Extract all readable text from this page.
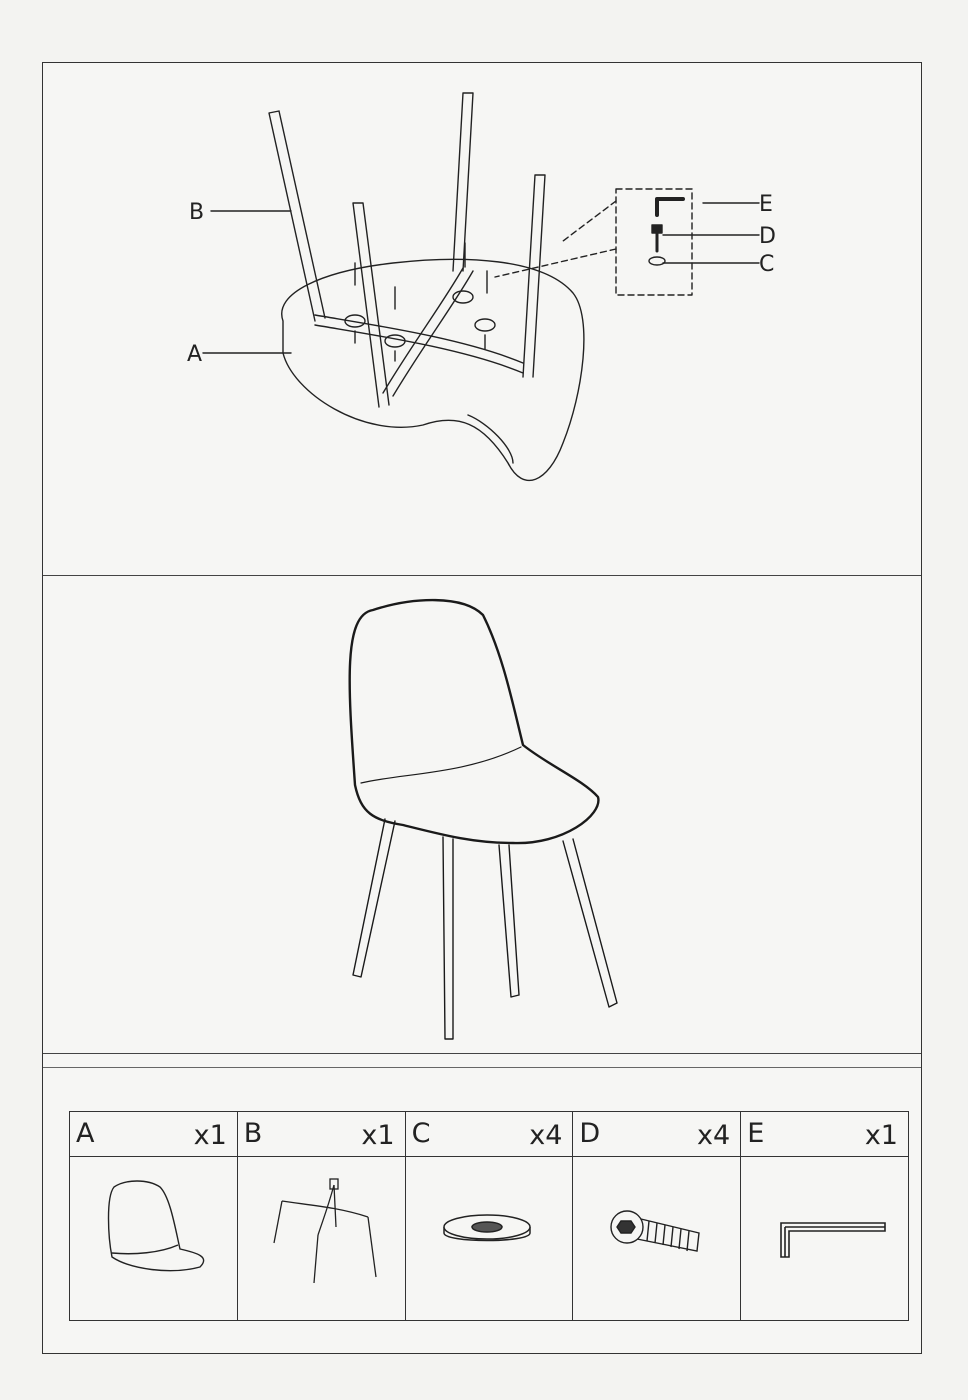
B
A
E
D
C
A	x1 B	x1 C	x4 D	x4 E	x1
